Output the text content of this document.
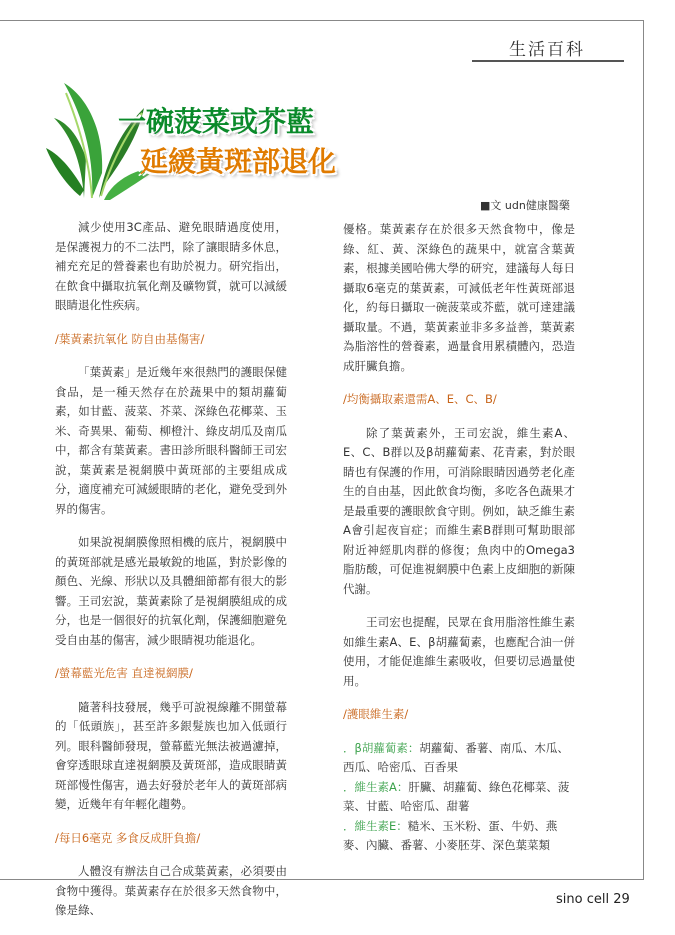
生活百科
一碗菠菜或芥藍
延緩黃斑部退化
■文 udn健康醫藥

減少使用3C產品、避免眼睛過度使用，是保護視力的不二法門，除了讓眼睛多休息，補充充足的營養素也有助於視力。研究指出，在飲食中攝取抗氧化劑及礦物質，就可以減緩眼睛退化性疾病。

/葉黃素抗氧化 防自由基傷害/

「葉黃素」是近幾年來很熱門的護眼保健食品，是一種天然存在於蔬果中的類胡蘿蔔素，如甘藍、菠菜、芥菜、深綠色花椰菜、玉米、奇異果、葡萄、柳橙汁、綠皮胡瓜及南瓜中，都含有葉黃素。書田診所眼科醫師王司宏說，葉黃素是視網膜中黃斑部的主要組成成分，適度補充可減緩眼睛的老化，避免受到外界的傷害。

如果說視網膜像照相機的底片，視網膜中的黃斑部就是感光最敏銳的地區，對於影像的顏色、光線、形狀以及具體細節都有很大的影響。王司宏說，葉黃素除了是視網膜組成的成分，也是一個很好的抗氧化劑，保護細胞避免受自由基的傷害，減少眼睛視功能退化。

/螢幕藍光危害 直達視網膜/

隨著科技發展，幾乎可說視線離不開螢幕的「低頭族」，甚至許多銀髮族也加入低頭行列。眼科醫師發現，螢幕藍光無法被過濾掉，會穿透眼球直達視網膜及黃斑部，造成眼睛黃斑部慢性傷害，過去好發於老年人的黃斑部病變，近幾年有年輕化趨勢。

/每日6毫克 多食反成肝負擔/

人體沒有辦法自己合成葉黃素，必須要由食物中獲得。葉黃素存在於很多天然食物中，像是綠、

優格。葉黃素存在於很多天然食物中，像是綠、紅、黃、深綠色的蔬果中，就富含葉黃素，根據美國哈佛大學的研究，建議每人每日攝取6毫克的葉黃素，可減低老年性黃斑部退化，約每日攝取一碗菠菜或芥藍，就可達建議攝取量。不過，葉黃素並非多多益善，葉黃素為脂溶性的營養素，過量食用累積體內，恐造成肝臟負擔。

/均衡攝取素還需A、E、C、B/

除了葉黃素外，王司宏說，維生素A、E、C、B群以及β胡蘿蔔素、花青素，對於眼睛也有保護的作用，可消除眼睛因過勞老化產生的自由基，因此飲食均衡，多吃各色蔬果才是最重要的護眼飲食守則。例如，缺乏維生素A會引起夜盲症；而維生素B群則可幫助眼部附近神經肌肉群的修復；魚肉中的Omega3脂肪酸，可促進視網膜中色素上皮細胞的新陳代謝。

王司宏也提醒，民眾在食用脂溶性維生素如維生素A、E、β胡蘿蔔素，也應配合油一併使用，才能促進維生素吸收，但要切忌過量使用。

/護眼維生素/
．β胡蘿蔔素：胡蘿蔔、番薯、南瓜、木瓜、西瓜、哈密瓜、百香果
．維生素A：肝臟、胡蘿蔔、綠色花椰菜、菠菜、甘藍、哈密瓜、甜薯
．維生素E：糙米、玉米粉、蛋、牛奶、燕麥、內臟、番薯、小麥胚芽、深色葉菜類
sino cell 29
